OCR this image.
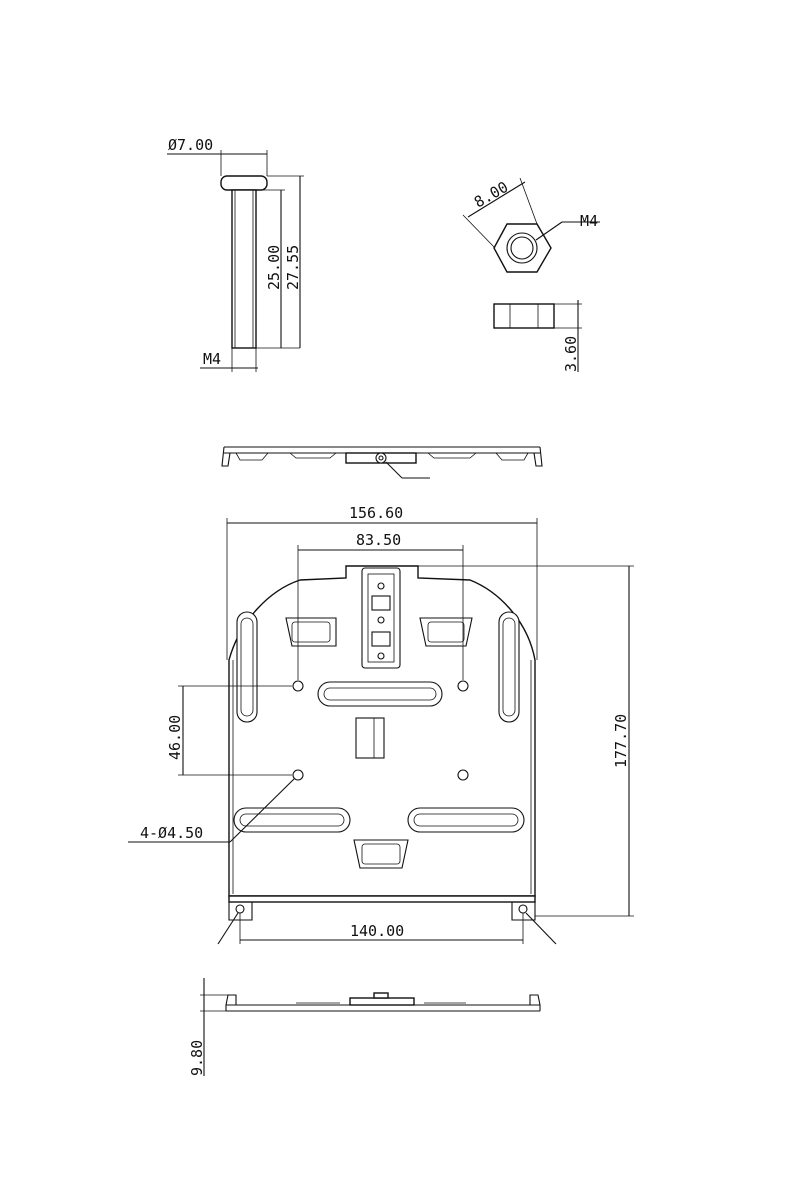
Ø7.00
25.00 27.55
M4
8.00
M4
3.60
156.60
83.50
46.00	177.70
4-Ø4.50
140.00
9.80
